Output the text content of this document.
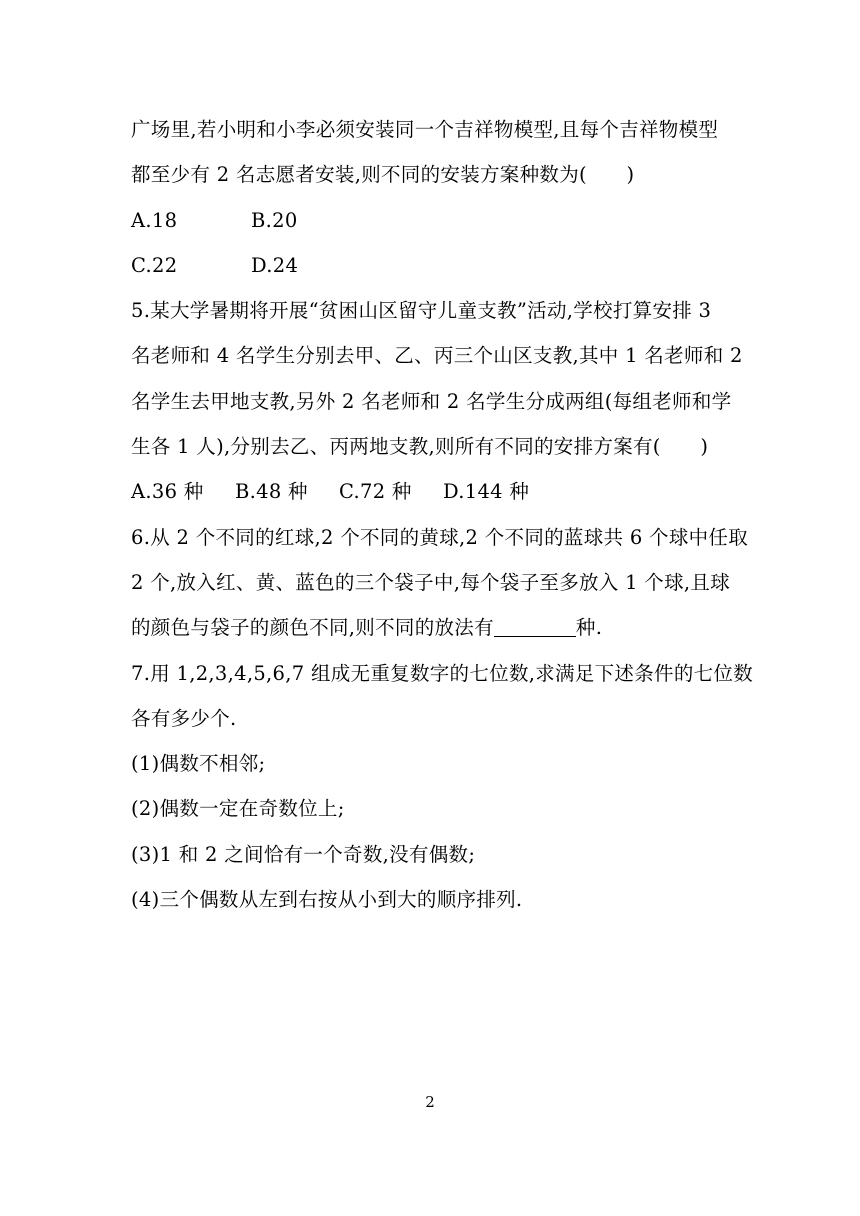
广场里,若小明和小李必须安装同一个吉祥物模型,且每个吉祥物模型
都至少有 2 名志愿者安装,则不同的安装方案种数为(　　)
A.18	B.20
C.22	D.24
5.某大学暑期将开展“贫困山区留守儿童支教”活动,学校打算安排 3
名老师和 4 名学生分别去甲、乙、丙三个山区支教,其中 1 名老师和 2
名学生去甲地支教,另外 2 名老师和 2 名学生分成两组(每组老师和学
生各 1 人),分别去乙、丙两地支教,则所有不同的安排方案有(　　)
A.36 种 B.48 种 C.72 种 D.144 种
6.从 2 个不同的红球,2 个不同的黄球,2 个不同的蓝球共 6 个球中任取
2 个,放入红、黄、蓝色的三个袋子中,每个袋子至多放入 1 个球,且球
的颜色与袋子的颜色不同,则不同的放法有	种.
7.用 1,2,3,4,5,6,7 组成无重复数字的七位数,求满足下述条件的七位数
各有多少个.
(1)偶数不相邻;
(2)偶数一定在奇数位上;
(3)1 和 2 之间恰有一个奇数,没有偶数;
(4)三个偶数从左到右按从小到大的顺序排列.
2
